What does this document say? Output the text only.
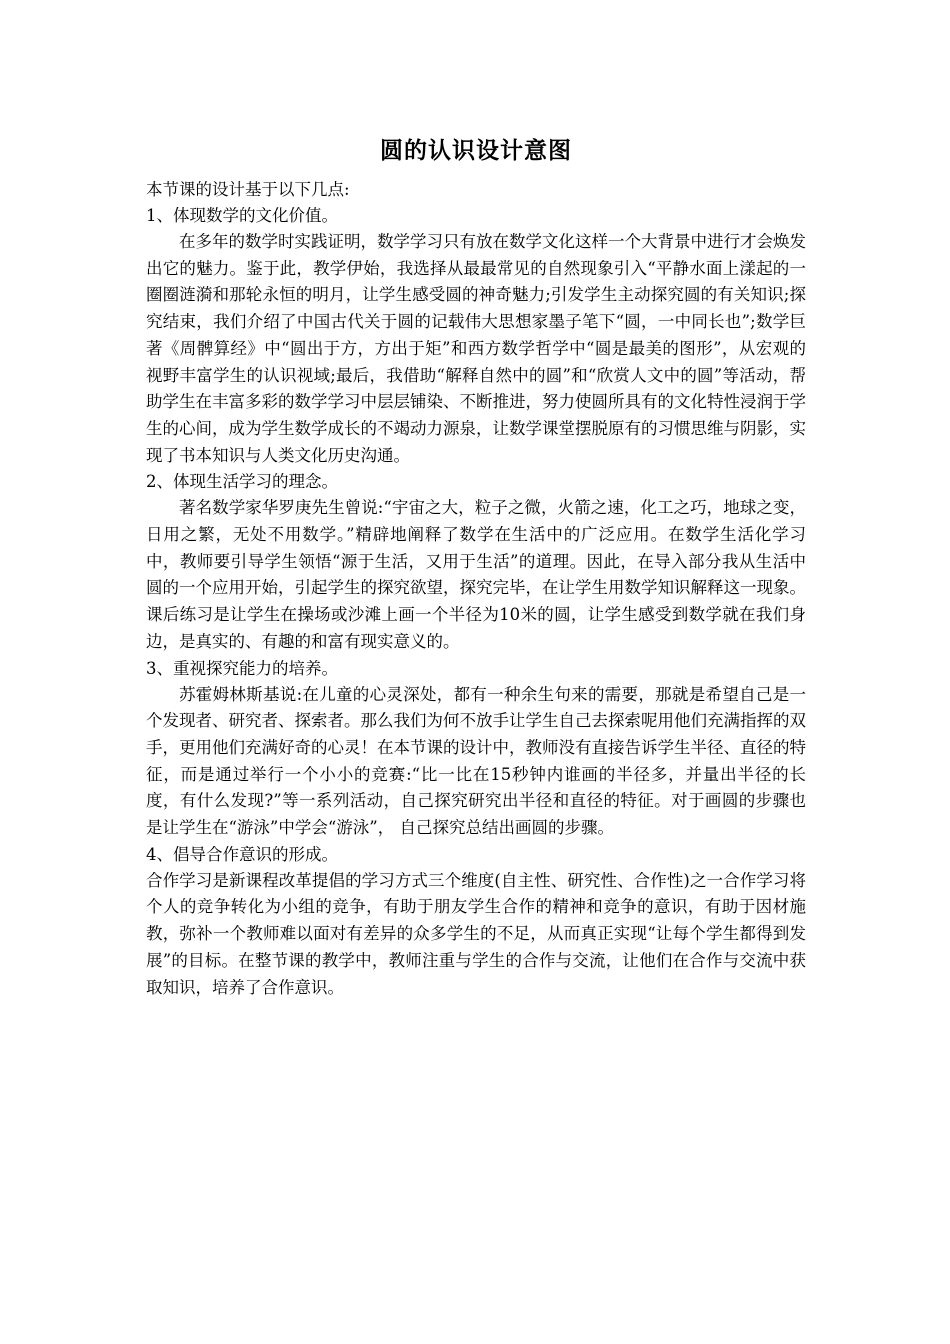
圆的认识设计意图

本节课的设计基于以下几点:

1、体现数学的文化价值。

在多年的数学时实践证明，数学学习只有放在数学文化这样一个大背景中进行才会焕发出它的魅力。鉴于此，教学伊始，我选择从最最常见的自然现象引入“平静水面上漾起的一圈圈涟漪和那轮永恒的明月，让学生感受圆的神奇魅力;引发学生主动探究圆的有关知识;探究结束，我们介绍了中国古代关于圆的记载伟大思想家墨子笔下“圆，一中同长也”;数学巨著《周髀算经》中“圆出于方，方出于矩”和西方数学哲学中“圆是最美的图形”，从宏观的视野丰富学生的认识视域;最后，我借助“解释自然中的圆”和“欣赏人文中的圆”等活动，帮助学生在丰富多彩的数学学习中层层铺染、不断推进，努力使圆所具有的文化特性浸润于学生的心间，成为学生数学成长的不竭动力源泉，让数学课堂摆脱原有的习惯思维与阴影，实现了书本知识与人类文化历史沟通。

2、体现生活学习的理念。

著名数学家华罗庚先生曾说:“宇宙之大，粒子之微，火箭之速，化工之巧，地球之变，日用之繁，无处不用数学。”精辟地阐释了数学在生活中的广泛应用。在数学生活化学习中，教师要引导学生领悟“源于生活，又用于生活”的道理。因此，在导入部分我从生活中圆的一个应用开始，引起学生的探究欲望，探究完毕，在让学生用数学知识解释这一现象。课后练习是让学生在操场或沙滩上画一个半径为10米的圆，让学生感受到数学就在我们身边，是真实的、有趣的和富有现实意义的。

3、重视探究能力的培养。

苏霍姆林斯基说:在儿童的心灵深处，都有一种余生句来的需要，那就是希望自己是一个发现者、研究者、探索者。那么我们为何不放手让学生自己去探索呢用他们充满指挥的双手，更用他们充满好奇的心灵！在本节课的设计中，教师没有直接告诉学生半径、直径的特征，而是通过举行一个小小的竞赛:“比一比在15秒钟内谁画的半径多，并量出半径的长度，有什么发现?”等一系列活动，自己探究研究出半径和直径的特征。对于画圆的步骤也是让学生在“游泳”中学会“游泳”， 自己探究总结出画圆的步骤。

4、倡导合作意识的形成。

合作学习是新课程改革提倡的学习方式三个维度(自主性、研究性、合作性)之一合作学习将个人的竞争转化为小组的竞争，有助于朋友学生合作的精神和竞争的意识，有助于因材施教，弥补一个教师难以面对有差异的众多学生的不足，从而真正实现“让每个学生都得到发展”的目标。在整节课的教学中，教师注重与学生的合作与交流，让他们在合作与交流中获取知识，培养了合作意识。
